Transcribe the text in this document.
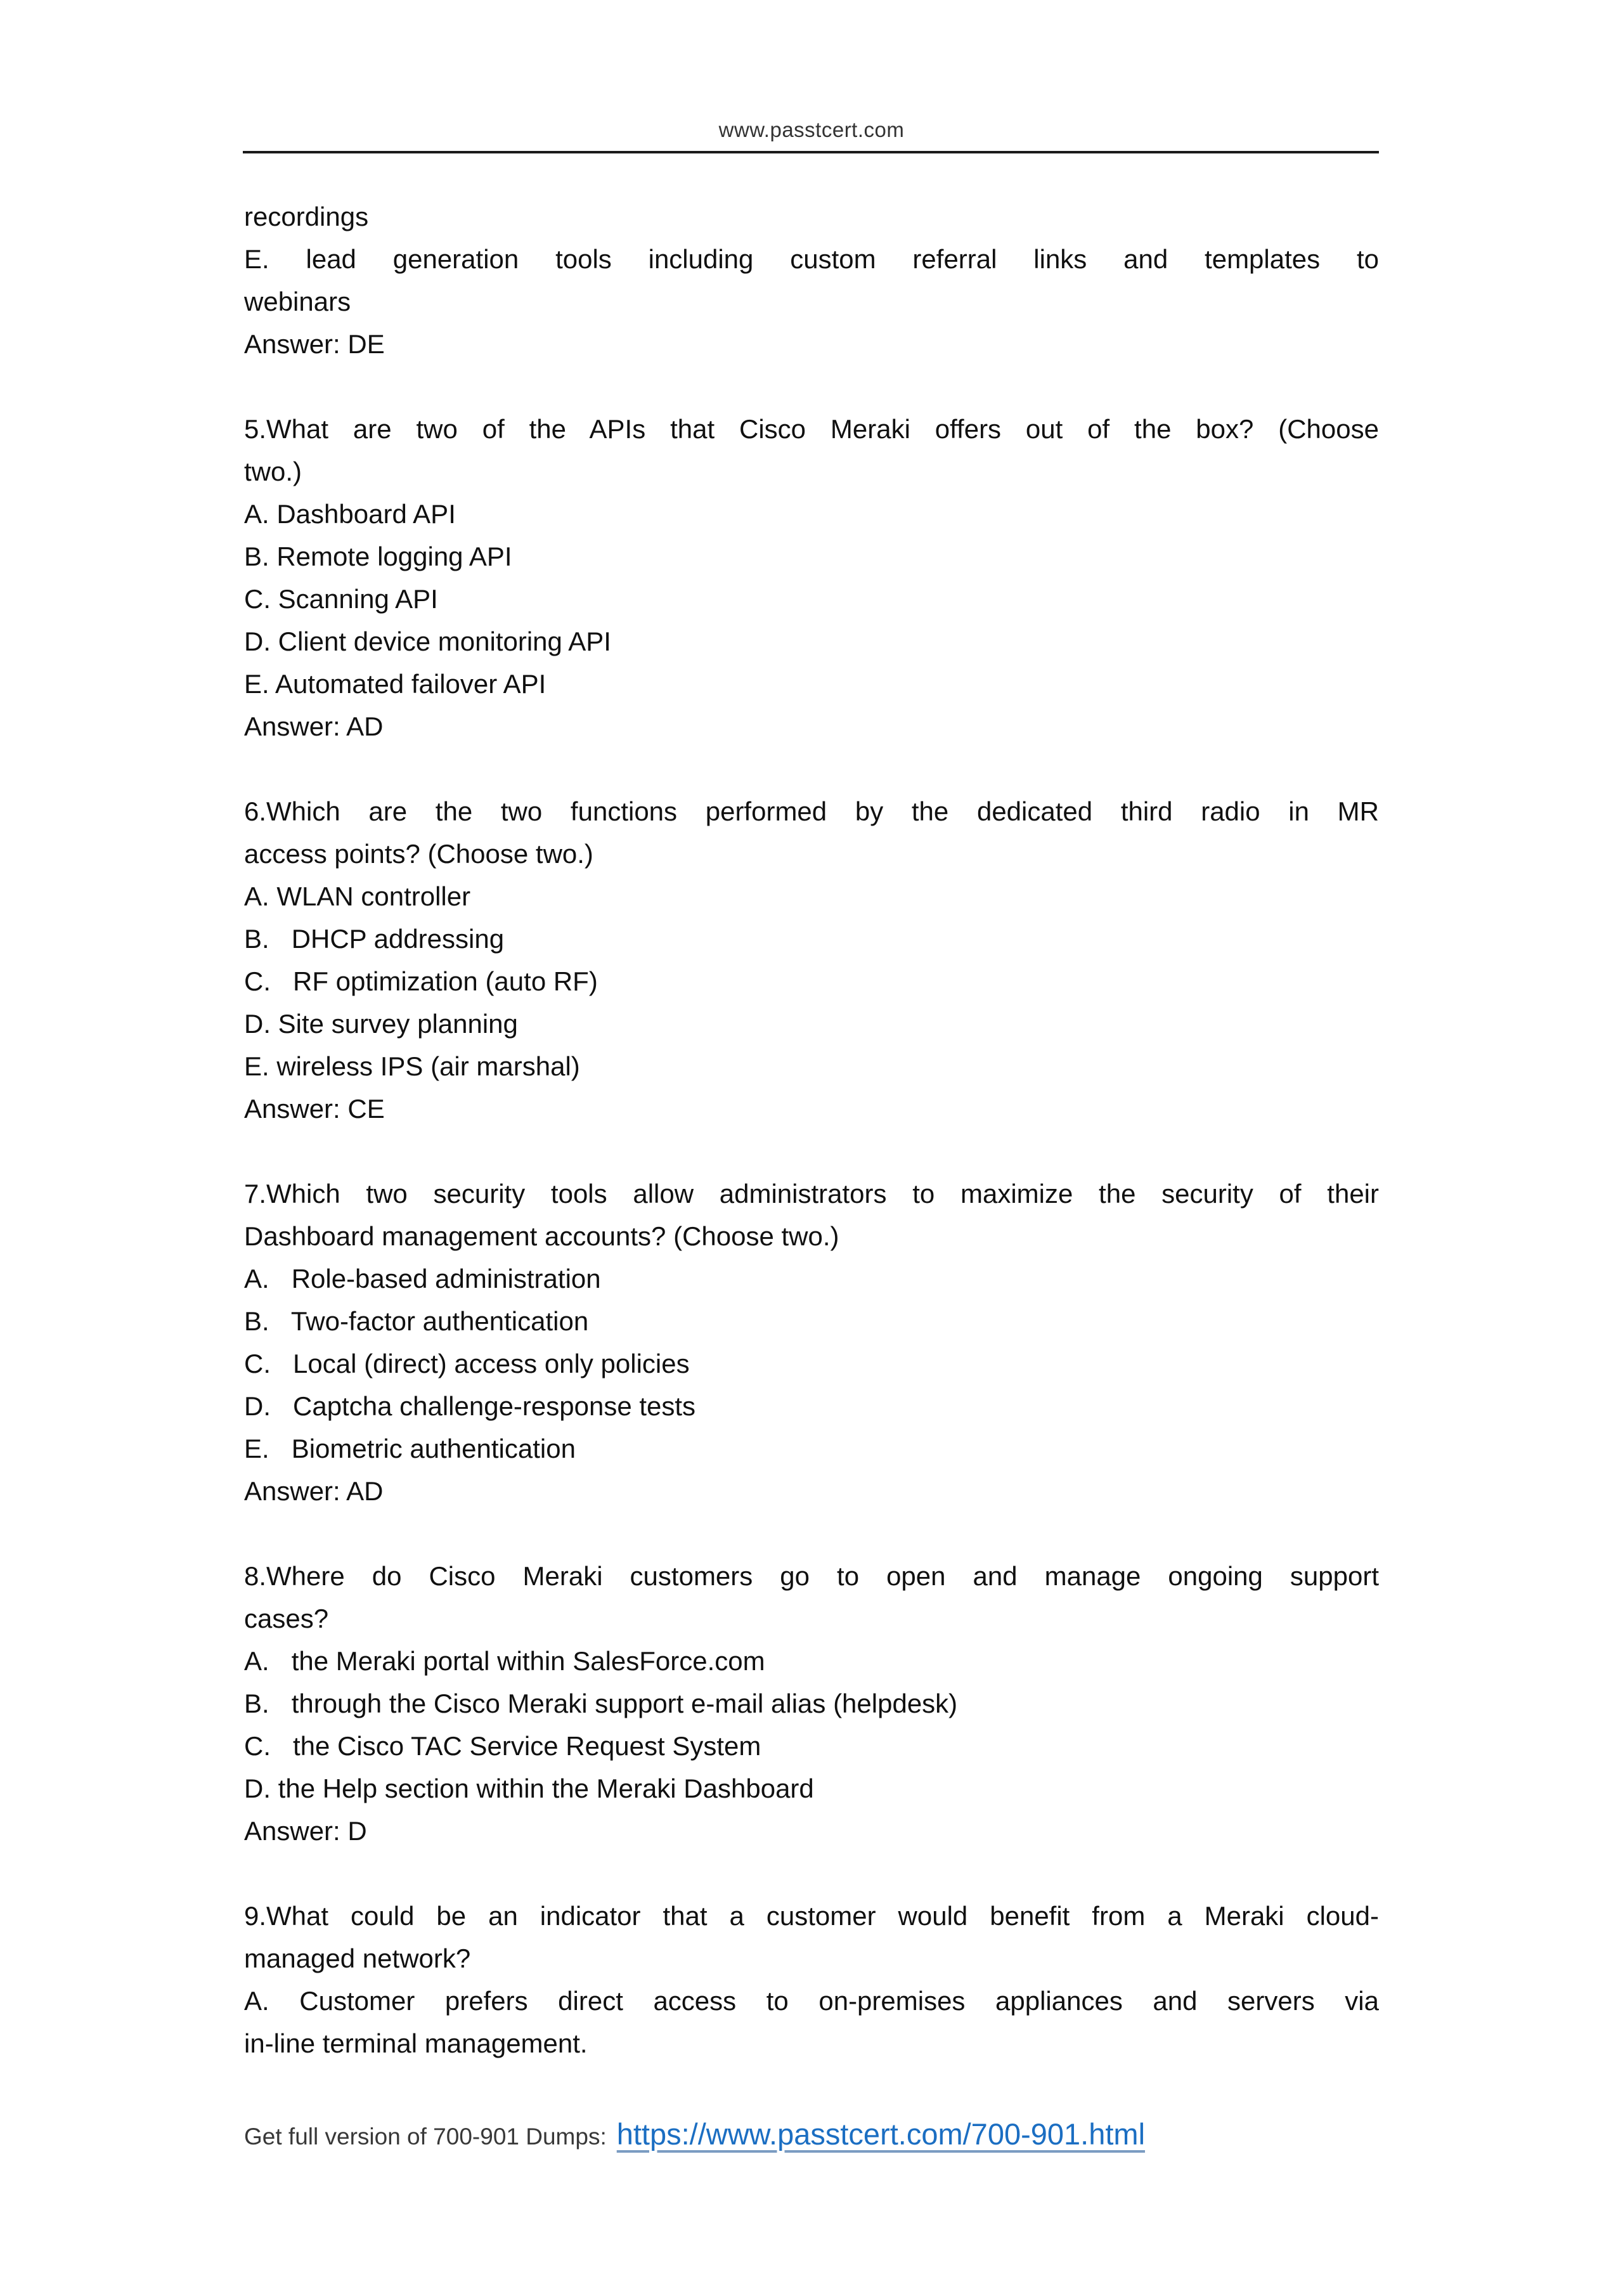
www.passtcert.com
recordings
E. lead generation tools including custom referral links and templates to
webinars
Answer: DE
5.What are two of the APIs that Cisco Meraki offers out of the box? (Choose
two.)
A. Dashboard API
B. Remote logging API
C. Scanning API
D. Client device monitoring API
E. Automated failover API
Answer: AD
6.Which are the two functions performed by the dedicated third radio in MR
access points? (Choose two.)
A. WLAN controller
B.   DHCP addressing
C.   RF optimization (auto RF)
D. Site survey planning
E. wireless IPS (air marshal)
Answer: CE
7.Which two security tools allow administrators to maximize the security of their
Dashboard management accounts? (Choose two.)
A.   Role-based administration
B.   Two-factor authentication
C.   Local (direct) access only policies
D.   Captcha challenge-response tests
E.   Biometric authentication
Answer: AD
8.Where do Cisco Meraki customers go to open and manage ongoing support
cases?
A.   the Meraki portal within SalesForce.com
B.   through the Cisco Meraki support e-mail alias (helpdesk)
C.   the Cisco TAC Service Request System
D. the Help section within the Meraki Dashboard
Answer: D
9.What could be an indicator that a customer would benefit from a Meraki cloud-
managed network?
A. Customer prefers direct access to on-premises appliances and servers via
in-line terminal management.
Get full version of 700-901 Dumps: https://www.passtcert.com/700-901.html
